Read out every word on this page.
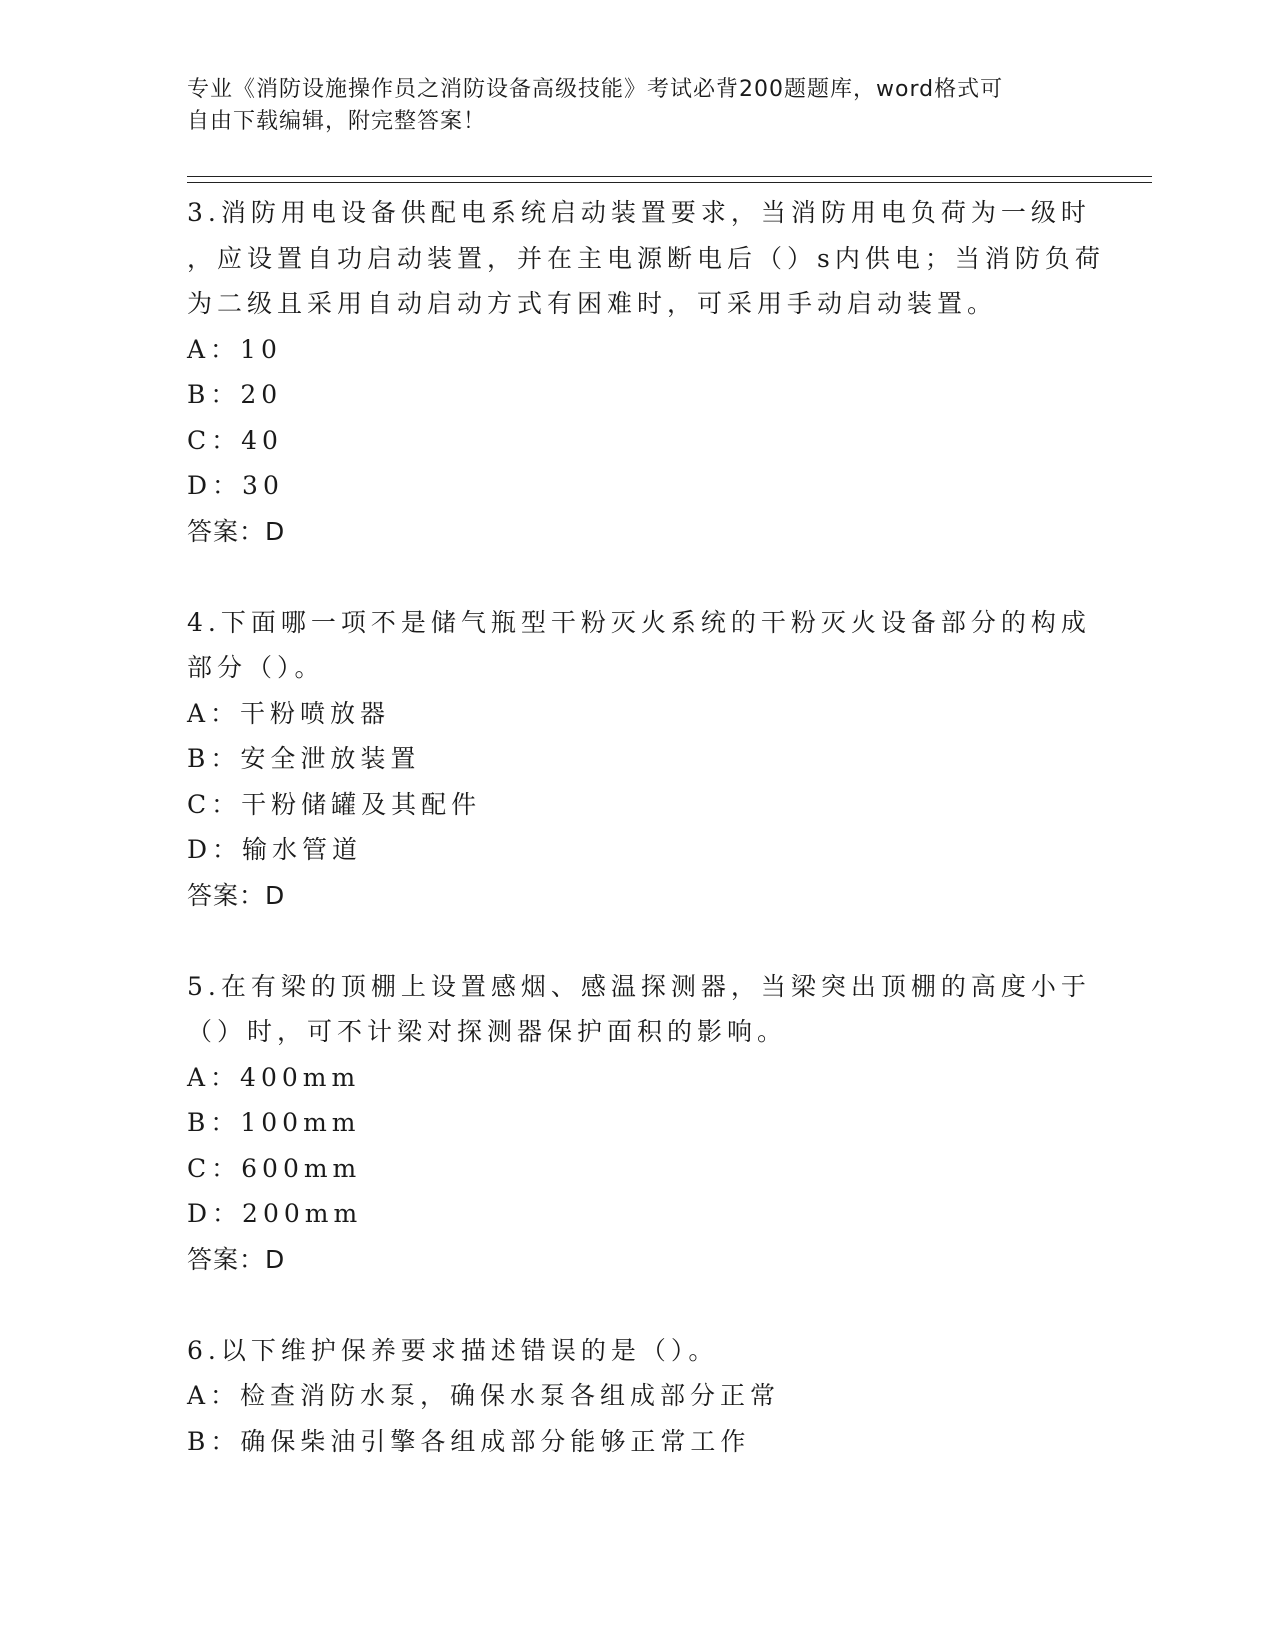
专业《消防设施操作员之消防设备高级技能》考试必背200题题库，word格式可
自由下载编辑，附完整答案！
3.消防用电设备供配电系统启动装置要求，当消防用电负荷为一级时
，应设置自功启动装置，并在主电源断电后（）s内供电；当消防负荷
为二级且采用自动启动方式有困难时，可采用手动启动装置。
A：10
B：20
C：40
D：30
答案：D
4.下面哪一项不是储气瓶型干粉灭火系统的干粉灭火设备部分的构成
部分（）。
A：干粉喷放器
B：安全泄放装置
C：干粉储罐及其配件
D：输水管道
答案：D
5.在有梁的顶棚上设置感烟、感温探测器，当梁突出顶棚的高度小于
（）时，可不计梁对探测器保护面积的影响。
A：400mm
B：100mm
C：600mm
D：200mm
答案：D
6.以下维护保养要求描述错误的是（）。
A：检查消防水泵，确保水泵各组成部分正常
B：确保柴油引擎各组成部分能够正常工作
